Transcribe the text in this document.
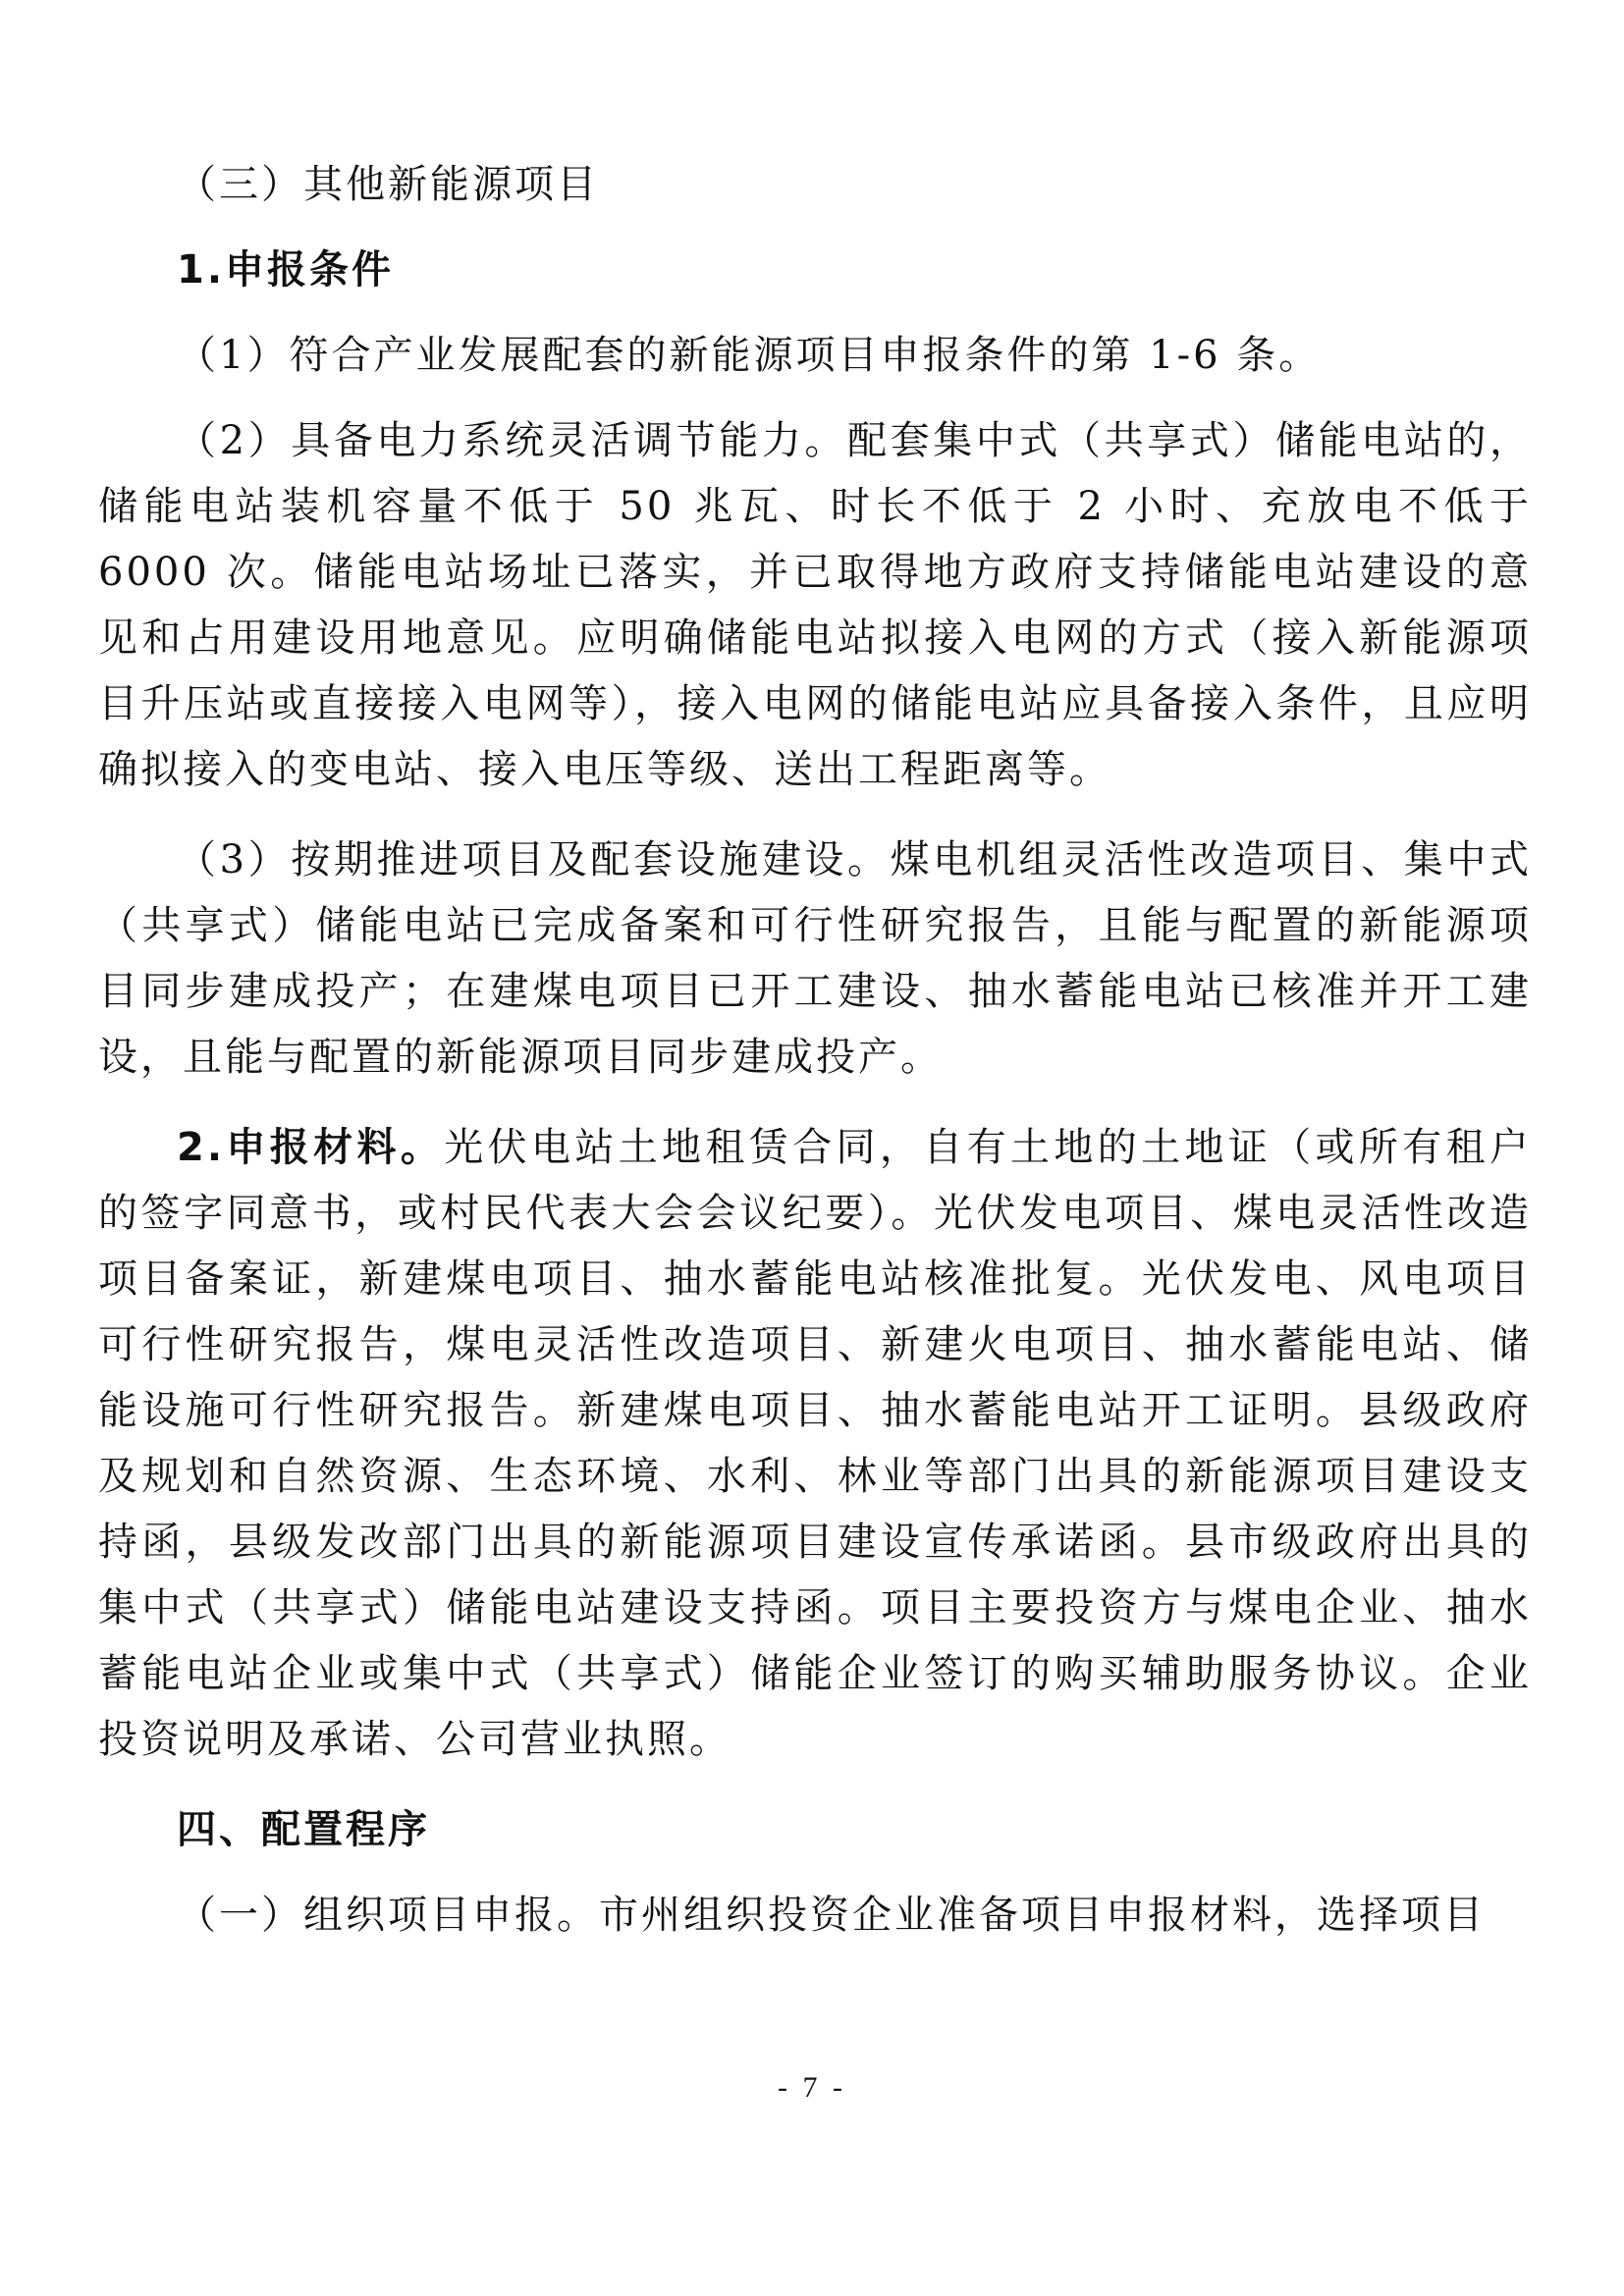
（三）其他新能源项目

1.申报条件

（1）符合产业发展配套的新能源项目申报条件的第 1-6 条。

（2）具备电力系统灵活调节能力。配套集中式（共享式）储能电站的，储能电站装机容量不低于 50 兆瓦、时长不低于 2 小时、充放电不低于 6000 次。储能电站场址已落实，并已取得地方政府支持储能电站建设的意见和占用建设用地意见。应明确储能电站拟接入电网的方式（接入新能源项目升压站或直接接入电网等），接入电网的储能电站应具备接入条件，且应明确拟接入的变电站、接入电压等级、送出工程距离等。

（3）按期推进项目及配套设施建设。煤电机组灵活性改造项目、集中式（共享式）储能电站已完成备案和可行性研究报告，且能与配置的新能源项目同步建成投产；在建煤电项目已开工建设、抽水蓄能电站已核准并开工建设，且能与配置的新能源项目同步建成投产。

2.申报材料。光伏电站土地租赁合同，自有土地的土地证（或所有租户的签字同意书，或村民代表大会会议纪要）。光伏发电项目、煤电灵活性改造项目备案证，新建煤电项目、抽水蓄能电站核准批复。光伏发电、风电项目可行性研究报告，煤电灵活性改造项目、新建火电项目、抽水蓄能电站、储能设施可行性研究报告。新建煤电项目、抽水蓄能电站开工证明。县级政府及规划和自然资源、生态环境、水利、林业等部门出具的新能源项目建设支持函，县级发改部门出具的新能源项目建设宣传承诺函。县市级政府出具的集中式（共享式）储能电站建设支持函。项目主要投资方与煤电企业、抽水蓄能电站企业或集中式（共享式）储能企业签订的购买辅助服务协议。企业投资说明及承诺、公司营业执照。

四、配置程序

（一）组织项目申报。市州组织投资企业准备项目申报材料，选择项目

- 7 -
